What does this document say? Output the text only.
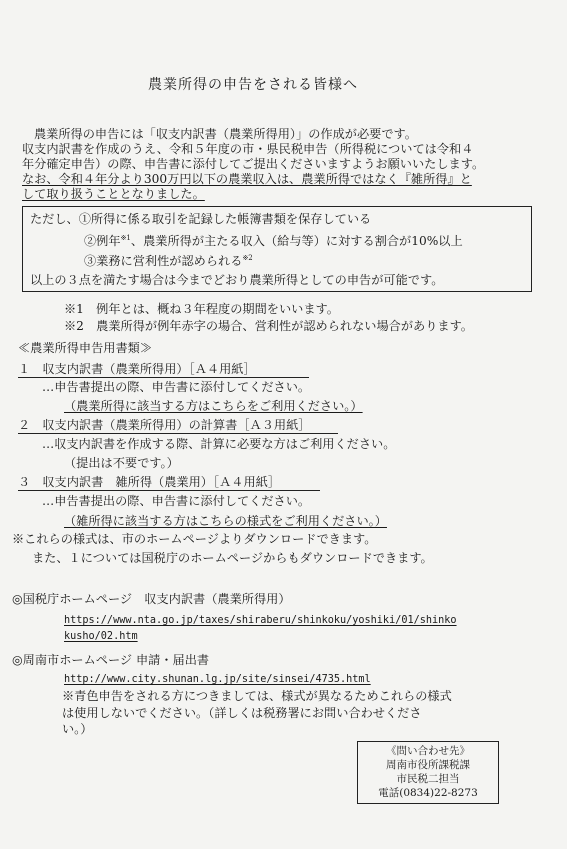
農業所得の申告をされる皆様へ
農業所得の申告には「収支内訳書（農業所得用）」の作成が必要です。
収支内訳書を作成のうえ、令和５年度の市・県民税申告（所得税については令和４
年分確定申告）の際、申告書に添付してご提出くださいますようお願いいたします。
なお、令和４年分より300万円以下の農業収入は、農業所得ではなく『雑所得』と
して取り扱うこととなりました。
ただし、①所得に係る取引を記録した帳簿書類を保存している
②例年$^{※1}$、農業所得が主たる収入（給与等）に対する割合が10%以上
③業務に営利性が認められる$^{※2}$
以上の３点を満たす場合は今までどおり農業所得としての申告が可能です。
※1　例年とは、概ね３年程度の期間をいいます。
※2　農業所得が例年赤字の場合、営利性が認められない場合があります。
≪農業所得申告用書類≫
１　収支内訳書（農業所得用）［Ａ４用紙］
…申告書提出の際、申告書に添付してください。
（農業所得に該当する方はこちらをご利用ください。）
２　収支内訳書（農業所得用）の計算書［Ａ３用紙］
…収支内訳書を作成する際、計算に必要な方はご利用ください。
（提出は不要です。）
３　収支内訳書　雑所得（農業用）［Ａ４用紙］
…申告書提出の際、申告書に添付してください。
（雑所得に該当する方はこちらの様式をご利用ください。）
※これらの様式は、市のホームページよりダウンロードできます。
また、１については国税庁のホームページからもダウンロードできます。
◎国税庁ホームページ　収支内訳書（農業所得用）
https://www.nta.go.jp/taxes/shiraberu/shinkoku/yoshiki/01/shinko
kusho/02.htm
◎周南市ホームページ 申請・届出書
http://www.city.shunan.lg.jp/site/sinsei/4735.html
※青色申告をされる方につきましては、様式が異なるためこれらの様式
は使用しないでください。（詳しくは税務署にお問い合わせくださ
い。）
《問い合わせ先》
周南市役所課税課
市民税二担当
電話(0834)22-8273
